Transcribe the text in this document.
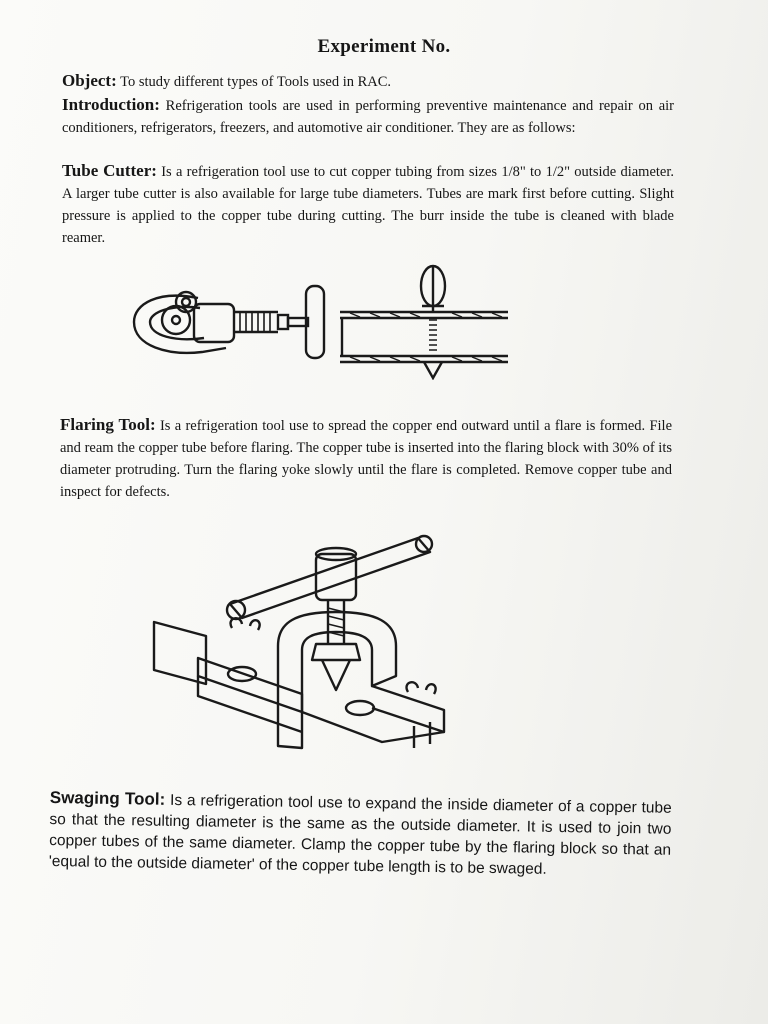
Experiment No.
Object: To study different types of Tools used in RAC.
Introduction: Refrigeration tools are used in performing preventive maintenance and repair on air conditioners, refrigerators, freezers, and automotive air conditioner. They are as follows:
Tube Cutter: Is a refrigeration tool use to cut copper tubing from sizes 1/8" to 1/2" outside diameter. A larger tube cutter is also available for large tube diameters. Tubes are mark first before cutting. Slight pressure is applied to the copper tube during cutting. The burr inside the tube is cleaned with blade reamer.
Flaring Tool: Is a refrigeration tool use to spread the copper end outward until a flare is formed. File and ream the copper tube before flaring. The copper tube is inserted into the flaring block with 30% of its diameter protruding. Turn the flaring yoke slowly until the flare is completed. Remove copper tube and inspect for defects.
Swaging Tool: Is a refrigeration tool use to expand the inside diameter of a copper tube so that the resulting diameter is the same as the outside diameter. It is used to join two copper tubes of the same diameter. Clamp the copper tube by the flaring block so that an 'equal to the outside diameter' of the copper tube length is to be swaged.
